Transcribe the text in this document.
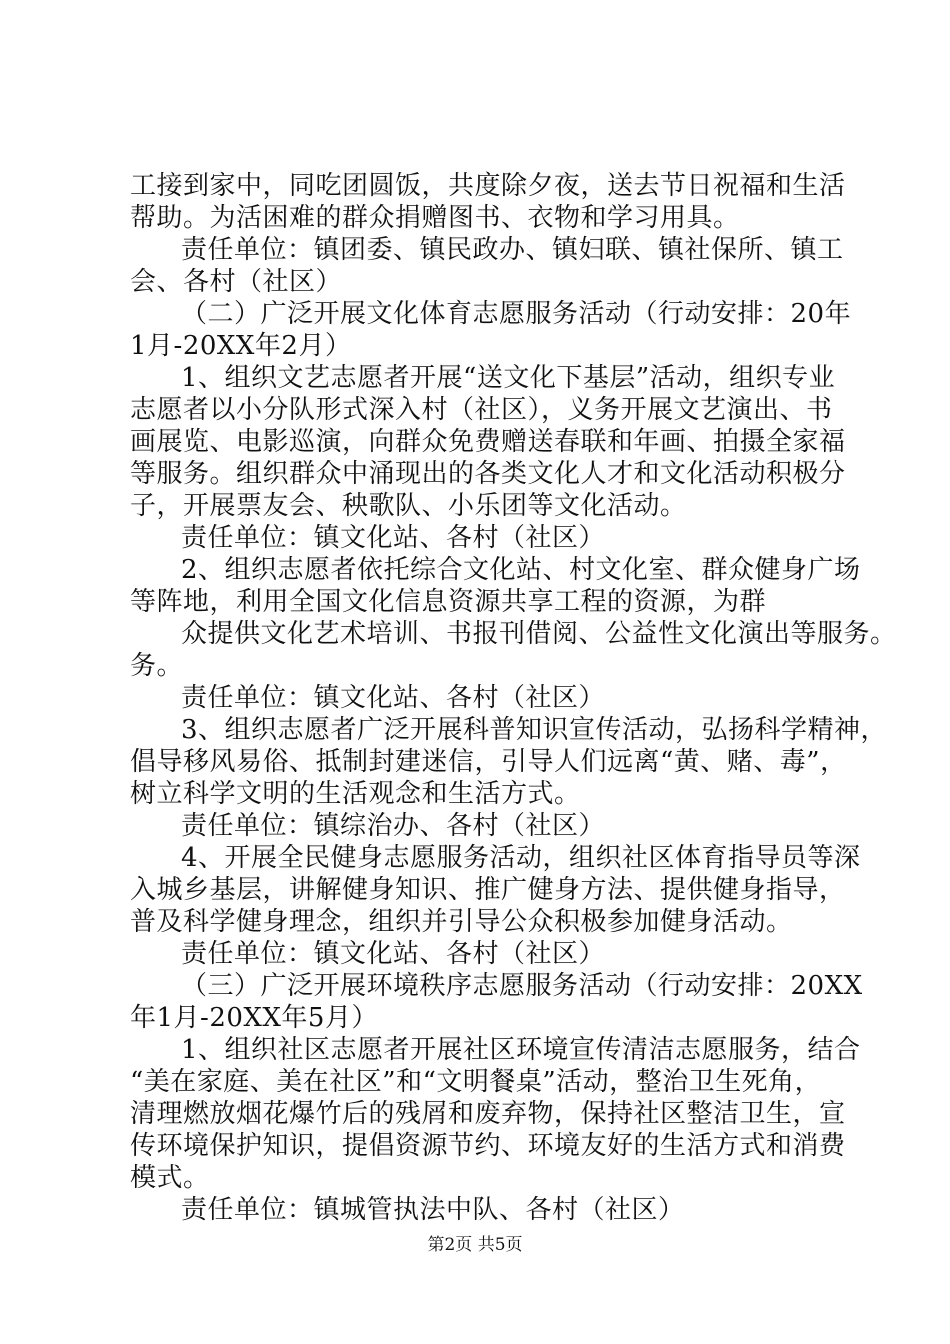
工接到家中，同吃团圆饭，共度除夕夜，送去节日祝福和生活
帮助。为活困难的群众捐赠图书、衣物和学习用具。
责任单位：镇团委、镇民政办、镇妇联、镇社保所、镇工
会、各村（社区）
（二）广泛开展文化体育志愿服务活动（行动安排：20年
1月-20XX年2月）
1、组织文艺志愿者开展“送文化下基层”活动，组织专业
志愿者以小分队形式深入村（社区），义务开展文艺演出、书
画展览、电影巡演，向群众免费赠送春联和年画、拍摄全家福
等服务。组织群众中涌现出的各类文化人才和文化活动积极分
子，开展票友会、秧歌队、小乐团等文化活动。
责任单位：镇文化站、各村（社区）
2、组织志愿者依托综合文化站、村文化室、群众健身广场
等阵地，利用全国文化信息资源共享工程的资源，为群
众提供文化艺术培训、书报刊借阅、公益性文化演出等服务。
务。
责任单位：镇文化站、各村（社区）
3、组织志愿者广泛开展科普知识宣传活动，弘扬科学精神，
倡导移风易俗、抵制封建迷信，引导人们远离“黄、赌、毒”，
树立科学文明的生活观念和生活方式。
责任单位：镇综治办、各村（社区）
4、开展全民健身志愿服务活动，组织社区体育指导员等深
入城乡基层，讲解健身知识、推广健身方法、提供健身指导，
普及科学健身理念，组织并引导公众积极参加健身活动。
责任单位：镇文化站、各村（社区）
（三）广泛开展环境秩序志愿服务活动（行动安排：20XX
年1月-20XX年5月）
1、组织社区志愿者开展社区环境宣传清洁志愿服务，结合
“美在家庭、美在社区”和“文明餐桌”活动，整治卫生死角，
清理燃放烟花爆竹后的残屑和废弃物，保持社区整洁卫生，宣
传环境保护知识，提倡资源节约、环境友好的生活方式和消费
模式。
责任单位：镇城管执法中队、各村（社区）
第2页 共5页
